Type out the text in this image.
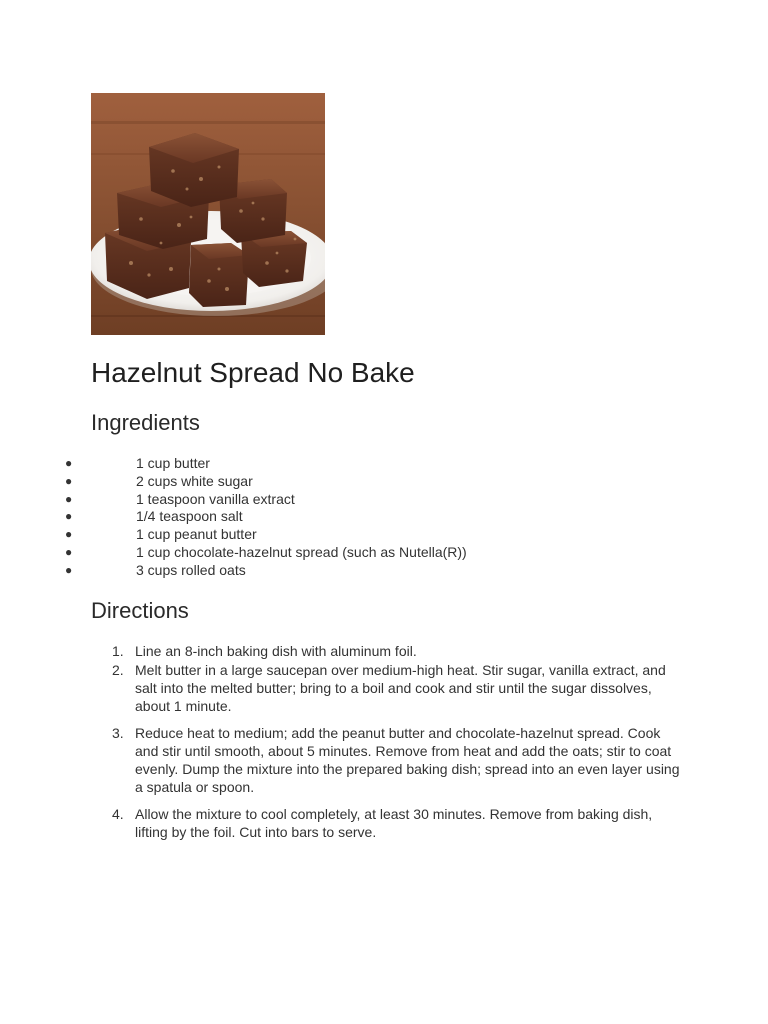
Hazelnut Spread No Bake
Ingredients
●	1 cup butter
●	2 cups white sugar
●	1 teaspoon vanilla extract
●	1/4 teaspoon salt
●	1 cup peanut butter
●	1 cup chocolate-hazelnut spread (such as Nutella(R))
●	3 cups rolled oats
Directions
1. Line an 8-inch baking dish with aluminum foil.
2. Melt butter in a large saucepan over medium-high heat. Stir sugar, vanilla extract, and salt into the melted butter; bring to a boil and cook and stir until the sugar dissolves, about 1 minute.
3. Reduce heat to medium; add the peanut butter and chocolate-hazelnut spread. Cook and stir until smooth, about 5 minutes. Remove from heat and add the oats; stir to coat evenly. Dump the mixture into the prepared baking dish; spread into an even layer using a spatula or spoon.
4. Allow the mixture to cool completely, at least 30 minutes. Remove from baking dish, lifting by the foil. Cut into bars to serve.
